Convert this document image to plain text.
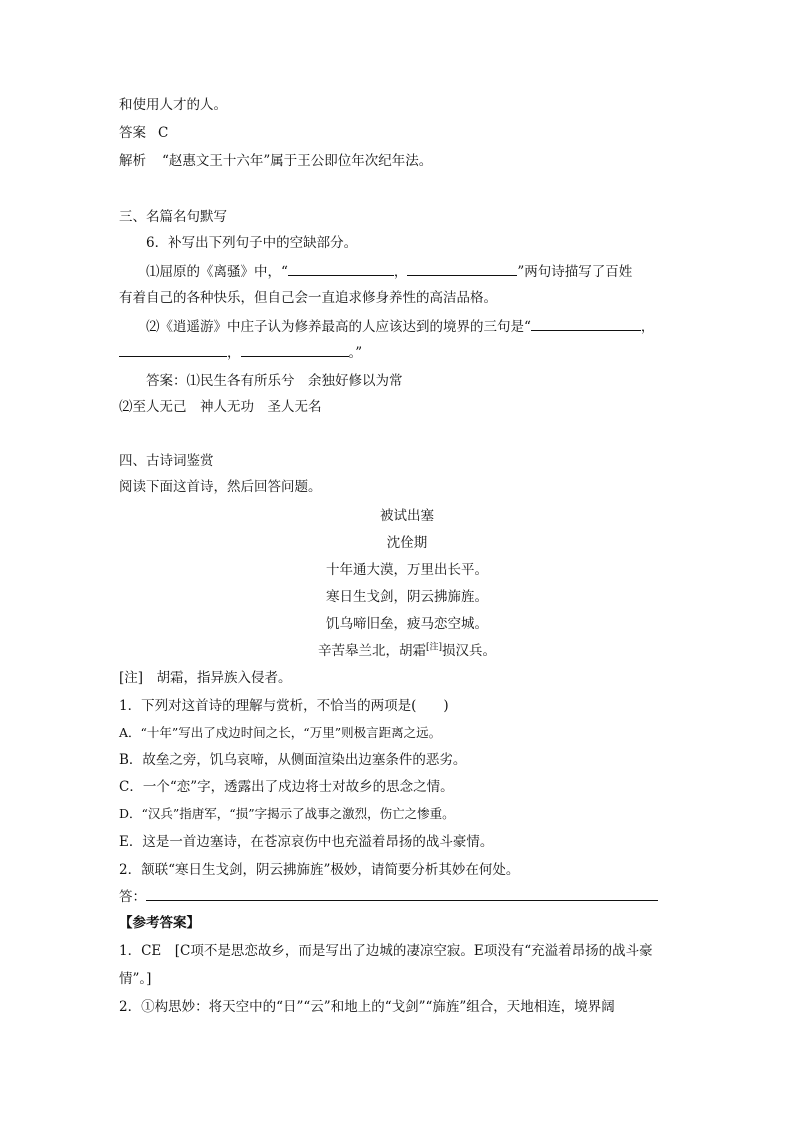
和使用人才的人。
答案 C
解析 “赵惠文王十六年”属于王公即位年次纪年法。
三、名篇名句默写
6．补写出下列句子中的空缺部分。
⑴屈原的《离骚》中，“	，	”两句诗描写了百姓
有着自己的各种快乐，但自己会一直追求修身养性的高洁品格。
⑵《逍遥游》中庄子认为修养最高的人应该达到的境界的三句是“	，
，	。”
答案：⑴民生各有所乐兮　余独好修以为常
⑵至人无己　神人无功　圣人无名
四、古诗词鉴赏
阅读下面这首诗，然后回答问题。
被试出塞
沈佺期
十年通大漠，万里出长平。
寒日生戈剑，阴云拂旆旌。
饥乌啼旧垒，疲马恋空城。
辛苦皋兰北，胡霜[注]损汉兵。
[注]　胡霜，指异族入侵者。
1．下列对这首诗的理解与赏析，不恰当的两项是(　　)
A．“十年”写出了戍边时间之长，“万里”则极言距离之远。
B．故垒之旁，饥乌哀啼，从侧面渲染出边塞条件的恶劣。
C．一个“恋”字，透露出了戍边将士对故乡的思念之情。
D．“汉兵”指唐军，“损”字揭示了战事之激烈，伤亡之惨重。
E．这是一首边塞诗，在苍凉哀伤中也充溢着昂扬的战斗豪情。
2．颔联“寒日生戈剑，阴云拂旆旌”极妙，请简要分析其妙在何处。
答：
【参考答案】
1．CE　[C项不是思恋故乡，而是写出了边城的凄凉空寂。E项没有“充溢着昂扬的战斗豪
情”。]
2．①构思妙：将天空中的“日”“云”和地上的“戈剑”“旆旌”组合，天地相连，境界阔
